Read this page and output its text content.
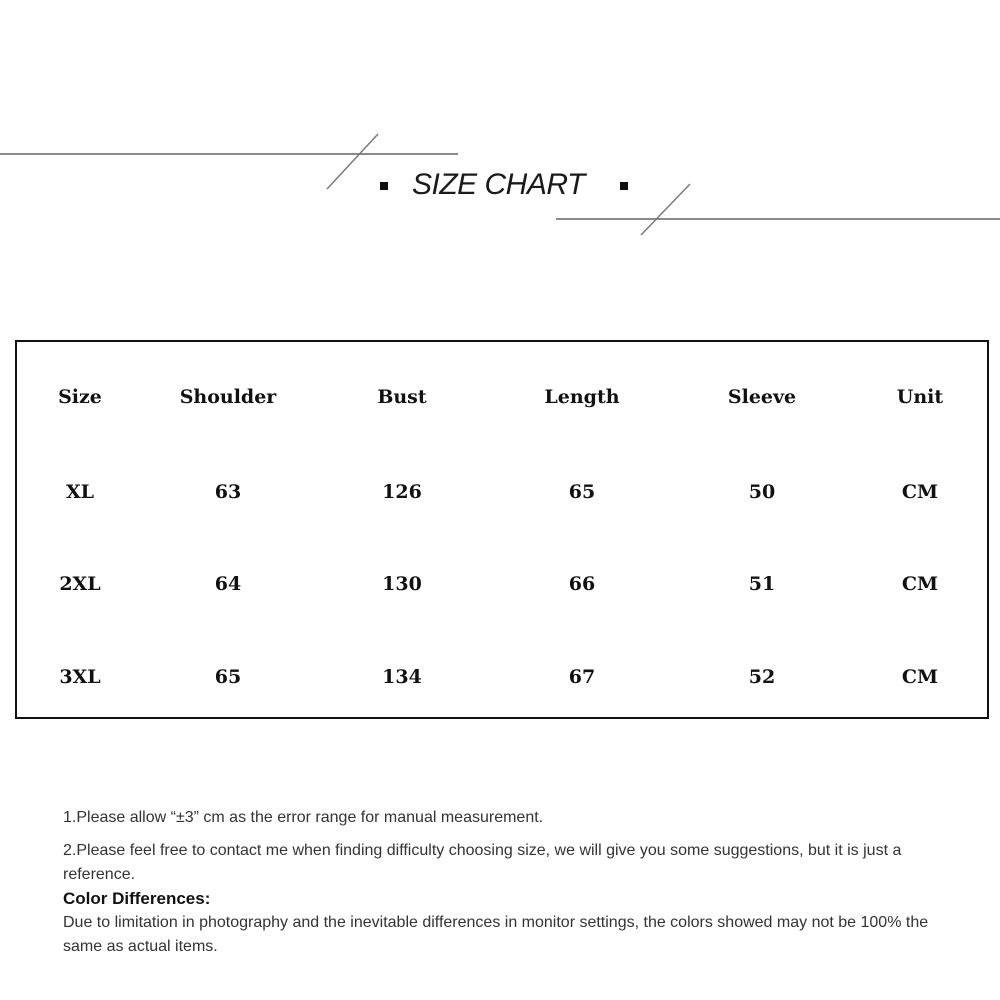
SIZE CHART
Size	Shoulder	Bust	Length	Sleeve	Unit
XL	63	126	65	50	CM
2XL	64	130	66	51	CM
3XL	65	134	67	52	CM

1.Please allow “±3” cm as the error range for manual measurement.

2.Please feel free to contact me when finding difficulty choosing size, we will give you some suggestions, but it is just a reference.

Color Differences:

Due to limitation in photography and the inevitable differences in monitor settings, the colors showed may not be 100% the same as actual items.
